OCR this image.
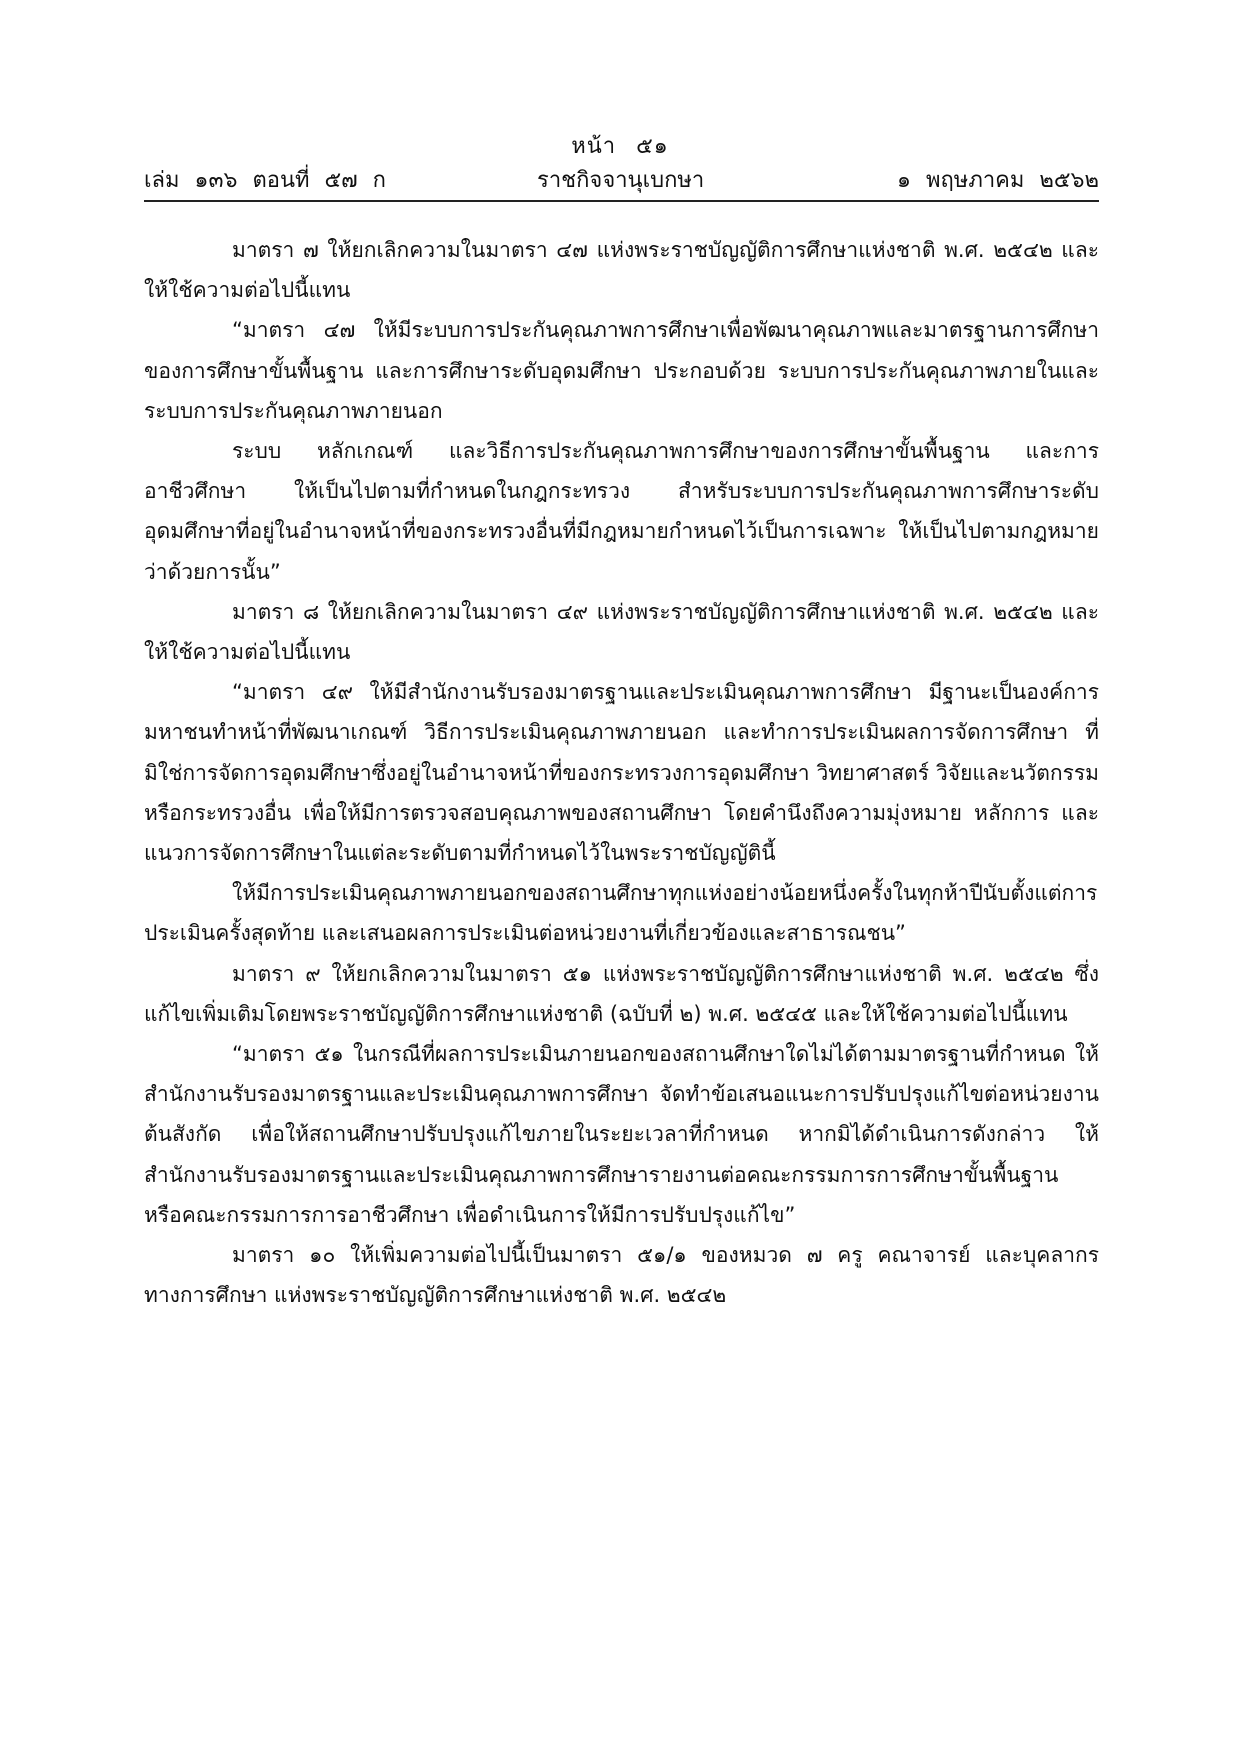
หน้า ๕๑
เล่ม ๑๓๖ ตอนที่ ๕๗ ก	ราชกิจจานุเบกษา	๑ พฤษภาคม ๒๕๖๒

มาตรา ๗ ให้ยกเลิกความในมาตรา ๔๗ แห่งพระราชบัญญัติการศึกษาแห่งชาติ พ.ศ. ๒๕๔๒ และให้ใช้ความต่อไปนี้แทน

“มาตรา ๔๗ ให้มีระบบการประกันคุณภาพการศึกษาเพื่อพัฒนาคุณภาพและมาตรฐานการศึกษาของการศึกษาขั้นพื้นฐาน และการศึกษาระดับอุดมศึกษา ประกอบด้วย ระบบการประกันคุณภาพภายในและระบบการประกันคุณภาพภายนอก

ระบบ หลักเกณฑ์ และวิธีการประกันคุณภาพการศึกษาของการศึกษาขั้นพื้นฐาน และการอาชีวศึกษา ให้เป็นไปตามที่กำหนดในกฎกระทรวง สำหรับระบบการประกันคุณภาพการศึกษาระดับอุดมศึกษาที่อยู่ในอำนาจหน้าที่ของกระทรวงอื่นที่มีกฎหมายกำหนดไว้เป็นการเฉพาะ ให้เป็นไปตามกฎหมายว่าด้วยการนั้น”

มาตรา ๘ ให้ยกเลิกความในมาตรา ๔๙ แห่งพระราชบัญญัติการศึกษาแห่งชาติ พ.ศ. ๒๕๔๒ และให้ใช้ความต่อไปนี้แทน

“มาตรา ๔๙ ให้มีสำนักงานรับรองมาตรฐานและประเมินคุณภาพการศึกษา มีฐานะเป็นองค์การมหาชนทำหน้าที่พัฒนาเกณฑ์ วิธีการประเมินคุณภาพภายนอก และทำการประเมินผลการจัดการศึกษา ที่มิใช่การจัดการอุดมศึกษาซึ่งอยู่ในอำนาจหน้าที่ของกระทรวงการอุดมศึกษา วิทยาศาสตร์ วิจัยและนวัตกรรม หรือกระทรวงอื่น เพื่อให้มีการตรวจสอบคุณภาพของสถานศึกษา โดยคำนึงถึงความมุ่งหมาย หลักการ และแนวการจัดการศึกษาในแต่ละระดับตามที่กำหนดไว้ในพระราชบัญญัตินี้

ให้มีการประเมินคุณภาพภายนอกของสถานศึกษาทุกแห่งอย่างน้อยหนึ่งครั้งในทุกห้าปีนับตั้งแต่การประเมินครั้งสุดท้าย และเสนอผลการประเมินต่อหน่วยงานที่เกี่ยวข้องและสาธารณชน”

มาตรา ๙ ให้ยกเลิกความในมาตรา ๕๑ แห่งพระราชบัญญัติการศึกษาแห่งชาติ พ.ศ. ๒๕๔๒ ซึ่งแก้ไขเพิ่มเติมโดยพระราชบัญญัติการศึกษาแห่งชาติ (ฉบับที่ ๒) พ.ศ. ๒๕๔๕ และให้ใช้ความต่อไปนี้แทน

“มาตรา ๕๑ ในกรณีที่ผลการประเมินภายนอกของสถานศึกษาใดไม่ได้ตามมาตรฐานที่กำหนด ให้สำนักงานรับรองมาตรฐานและประเมินคุณภาพการศึกษา จัดทำข้อเสนอแนะการปรับปรุงแก้ไขต่อหน่วยงานต้นสังกัด เพื่อให้สถานศึกษาปรับปรุงแก้ไขภายในระยะเวลาที่กำหนด หากมิได้ดำเนินการดังกล่าว ให้สำนักงานรับรองมาตรฐานและประเมินคุณภาพการศึกษารายงานต่อคณะกรรมการการศึกษาขั้นพื้นฐาน หรือคณะกรรมการการอาชีวศึกษา เพื่อดำเนินการให้มีการปรับปรุงแก้ไข”

มาตรา ๑๐ ให้เพิ่มความต่อไปนี้เป็นมาตรา ๕๑/๑ ของหมวด ๗ ครู คณาจารย์ และบุคลากรทางการศึกษา แห่งพระราชบัญญัติการศึกษาแห่งชาติ พ.ศ. ๒๕๔๒
